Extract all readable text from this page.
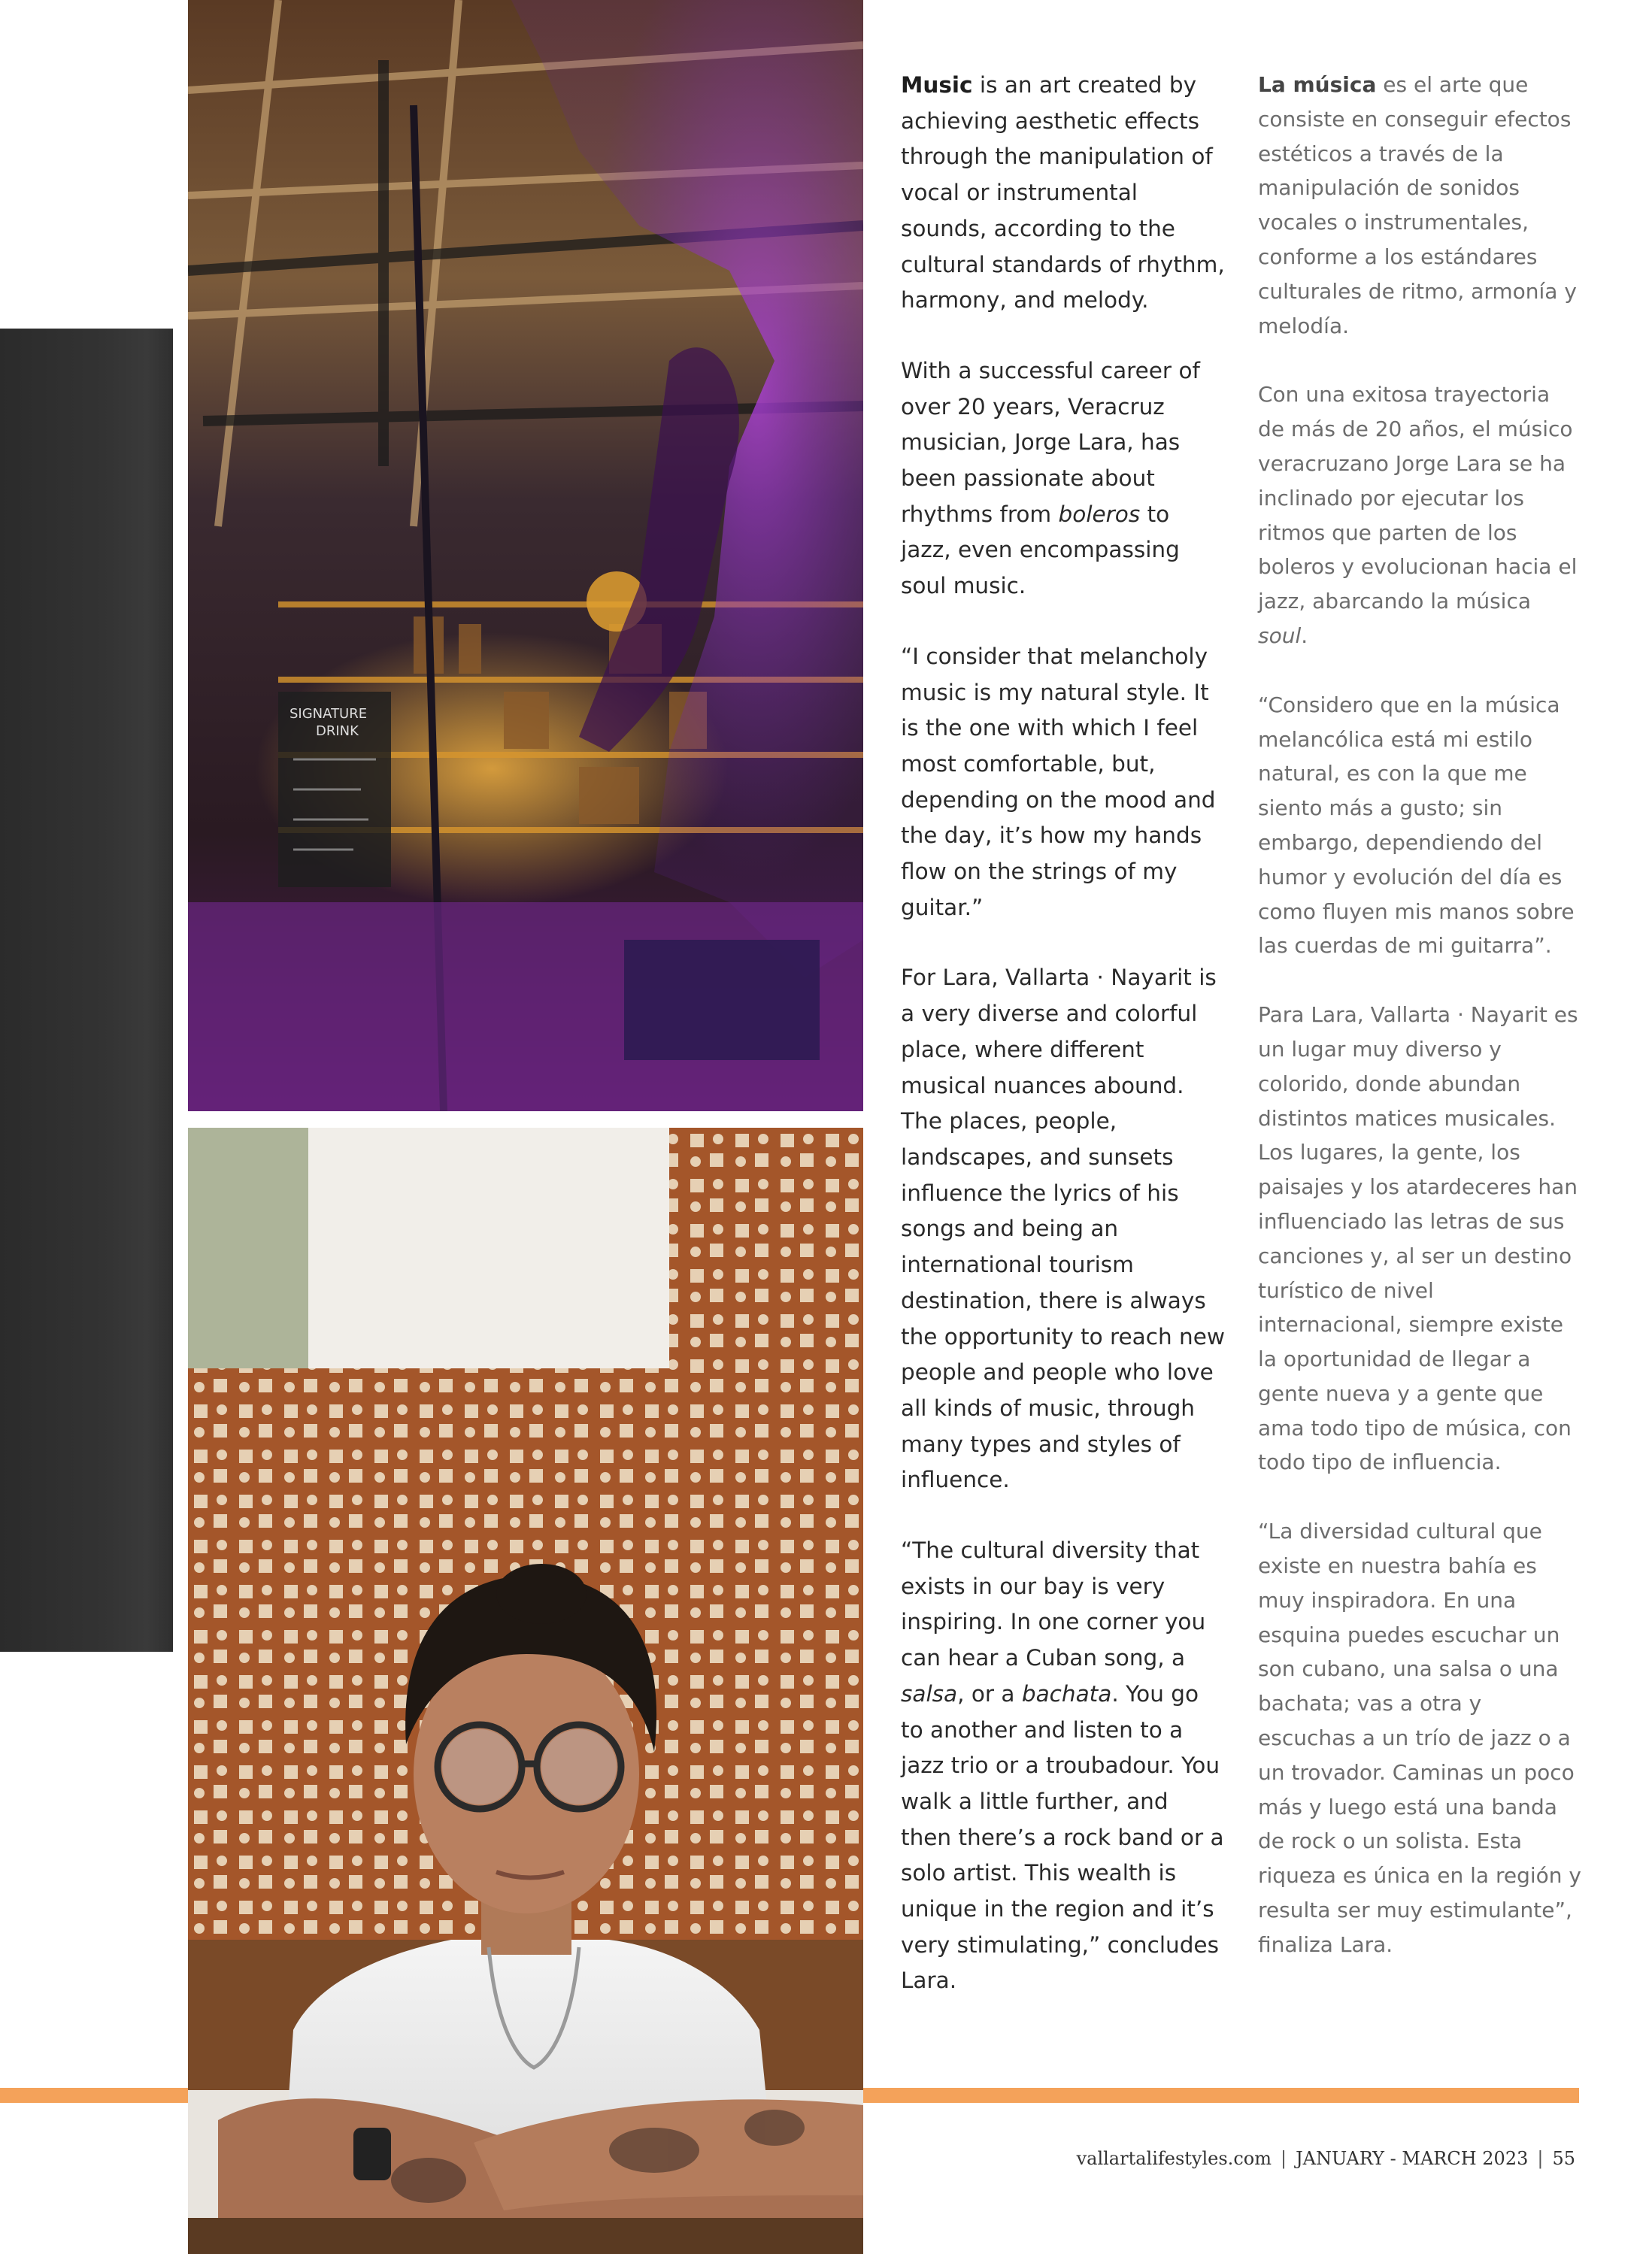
SIGNATURE
DRINK

Music is an art created by achieving aesthetic effects through the manipulation of vocal or instrumental sounds, according to the cultural standards of rhythm, harmony, and melody.

With a successful career of over 20 years, Veracruz musician, Jorge Lara, has been passionate about rhythms from boleros to jazz, even encompassing soul music.

“I consider that melancholy music is my natural style. It is the one with which I feel most comfortable, but, depending on the mood and the day, it’s how my hands flow on the strings of my guitar.”

For Lara, Vallarta · Nayarit is a very diverse and colorful place, where different musical nuances abound. The places, people, landscapes, and sunsets influence the lyrics of his songs and being an international tourism destination, there is always the opportunity to reach new people and people who love all kinds of music, through many types and styles of influence.

“The cultural diversity that exists in our bay is very inspiring. In one corner you can hear a Cuban song, a salsa, or a bachata. You go to another and listen to a jazz trio or a troubadour. You walk a little further, and then there’s a rock band or a solo artist. This wealth is unique in the region and it’s very stimulating,” concludes Lara.

La música es el arte que consiste en conseguir efectos estéticos a través de la manipulación de sonidos vocales o instrumentales, conforme a los estándares culturales de ritmo, armonía y melodía.

Con una exitosa trayectoria de más de 20 años, el músico veracruzano Jorge Lara se ha inclinado por ejecutar los ritmos que parten de los boleros y evolucionan hacia el jazz, abarcando la música soul.

“Considero que en la música melancólica está mi estilo natural, es con la que me siento más a gusto; sin embargo, dependiendo del humor y evolución del día es como fluyen mis manos sobre las cuerdas de mi guitarra”.

Para Lara, Vallarta · Nayarit es un lugar muy diverso y colorido, donde abundan distintos matices musicales. Los lugares, la gente, los paisajes y los atardeceres han influenciado las letras de sus canciones y, al ser un destino turístico de nivel internacional, siempre existe la oportunidad de llegar a gente nueva y a gente que ama todo tipo de música, con todo tipo de influencia.

“La diversidad cultural que existe en nuestra bahía es muy inspiradora. En una esquina puedes escuchar un son cubano, una salsa o una bachata; vas a otra y escuchas a un trío de jazz o a un trovador. Caminas un poco más y luego está una banda de rock o un solista. Esta riqueza es única en la región y resulta ser muy estimulante”, finaliza Lara.

vallartalifestyles.com | JANUARY - MARCH 2023 | 55
